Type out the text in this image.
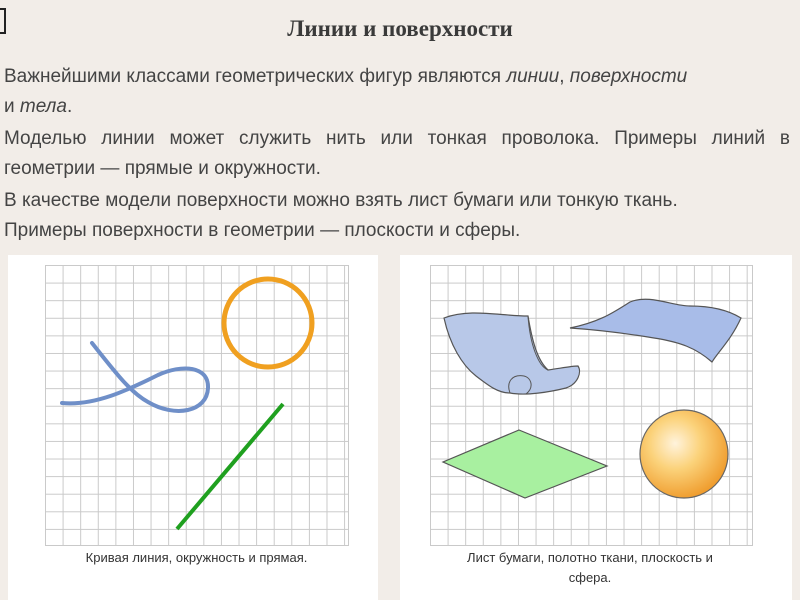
Линии и поверхности
Важнейшими классами геометрических фигур являются линии, поверхности
и тела.
Моделью линии может служить нить или тонкая проволока. Примеры линий в геометрии — прямые и окружности.
В качестве модели поверхности можно взять лист бумаги или тонкую ткань.
Примеры поверхности в геометрии — плоскости и сферы.
Кривая линия, окружность и прямая.	Лист бумаги, полотно ткани, плоскость и
сфера.
